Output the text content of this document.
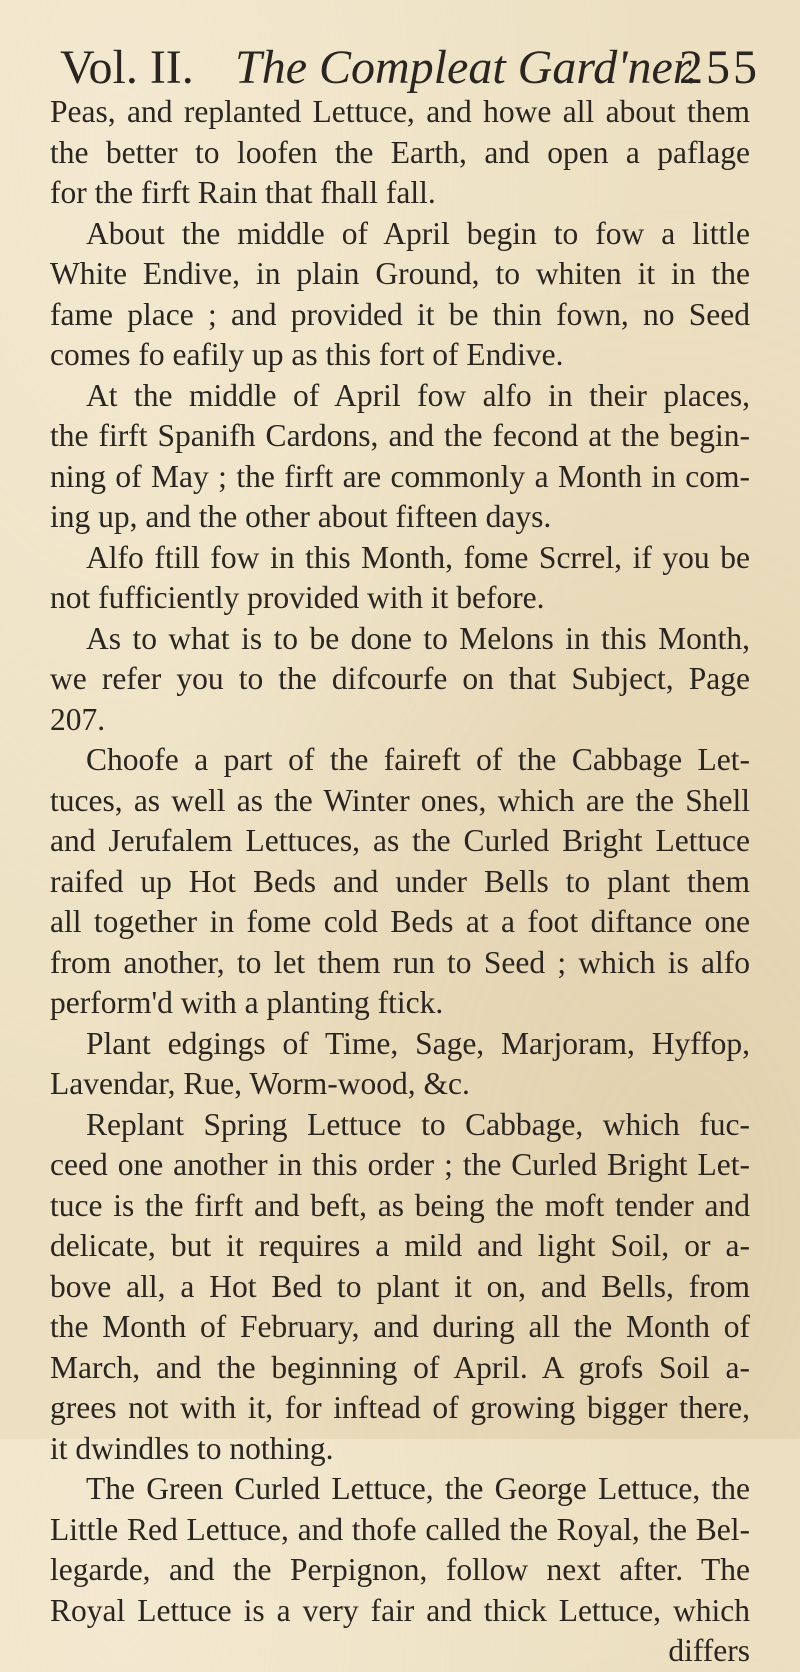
Vol. II. The Compleat Gard'ner.
255
Peas, and replanted Lettuce, and howe all about them
the better to loofen the Earth, and open a paflage
for the firft Rain that fhall fall.
About the middle of April begin to fow a little
White Endive, in plain Ground, to whiten it in the
fame place ; and provided it be thin fown, no Seed
comes fo eafily up as this fort of Endive.
At the middle of April fow alfo in their places,
the firft Spanifh Cardons, and the fecond at the begin-
ning of May ; the firft are commonly a Month in com-
ing up, and the other about fifteen days.
Alfo ftill fow in this Month, fome Scrrel, if you be
not fufficiently provided with it before.
As to what is to be done to Melons in this Month,
we refer you to the difcourfe on that Subject, Page
207.
Choofe a part of the faireft of the Cabbage Let-
tuces, as well as the Winter ones, which are the Shell
and Jerufalem Lettuces, as the Curled Bright Lettuce
raifed up Hot Beds and under Bells to plant them
all together in fome cold Beds at a foot diftance one
from another, to let them run to Seed ; which is alfo
perform'd with a planting ftick.
Plant edgings of Time, Sage, Marjoram, Hyffop,
Lavendar, Rue, Worm-wood, &c.
Replant Spring Lettuce to Cabbage, which fuc-
ceed one another in this order ; the Curled Bright Let-
tuce is the firft and beft, as being the moft tender and
delicate, but it requires a mild and light Soil, or a-
bove all, a Hot Bed to plant it on, and Bells, from
the Month of February, and during all the Month of
March, and the beginning of April. A grofs Soil a-
grees not with it, for inftead of growing bigger there,
it dwindles to nothing.
The Green Curled Lettuce, the George Lettuce, the
Little Red Lettuce, and thofe called the Royal, the Bel-
legarde, and the Perpignon, follow next after. The
Royal Lettuce is a very fair and thick Lettuce, which
differs
